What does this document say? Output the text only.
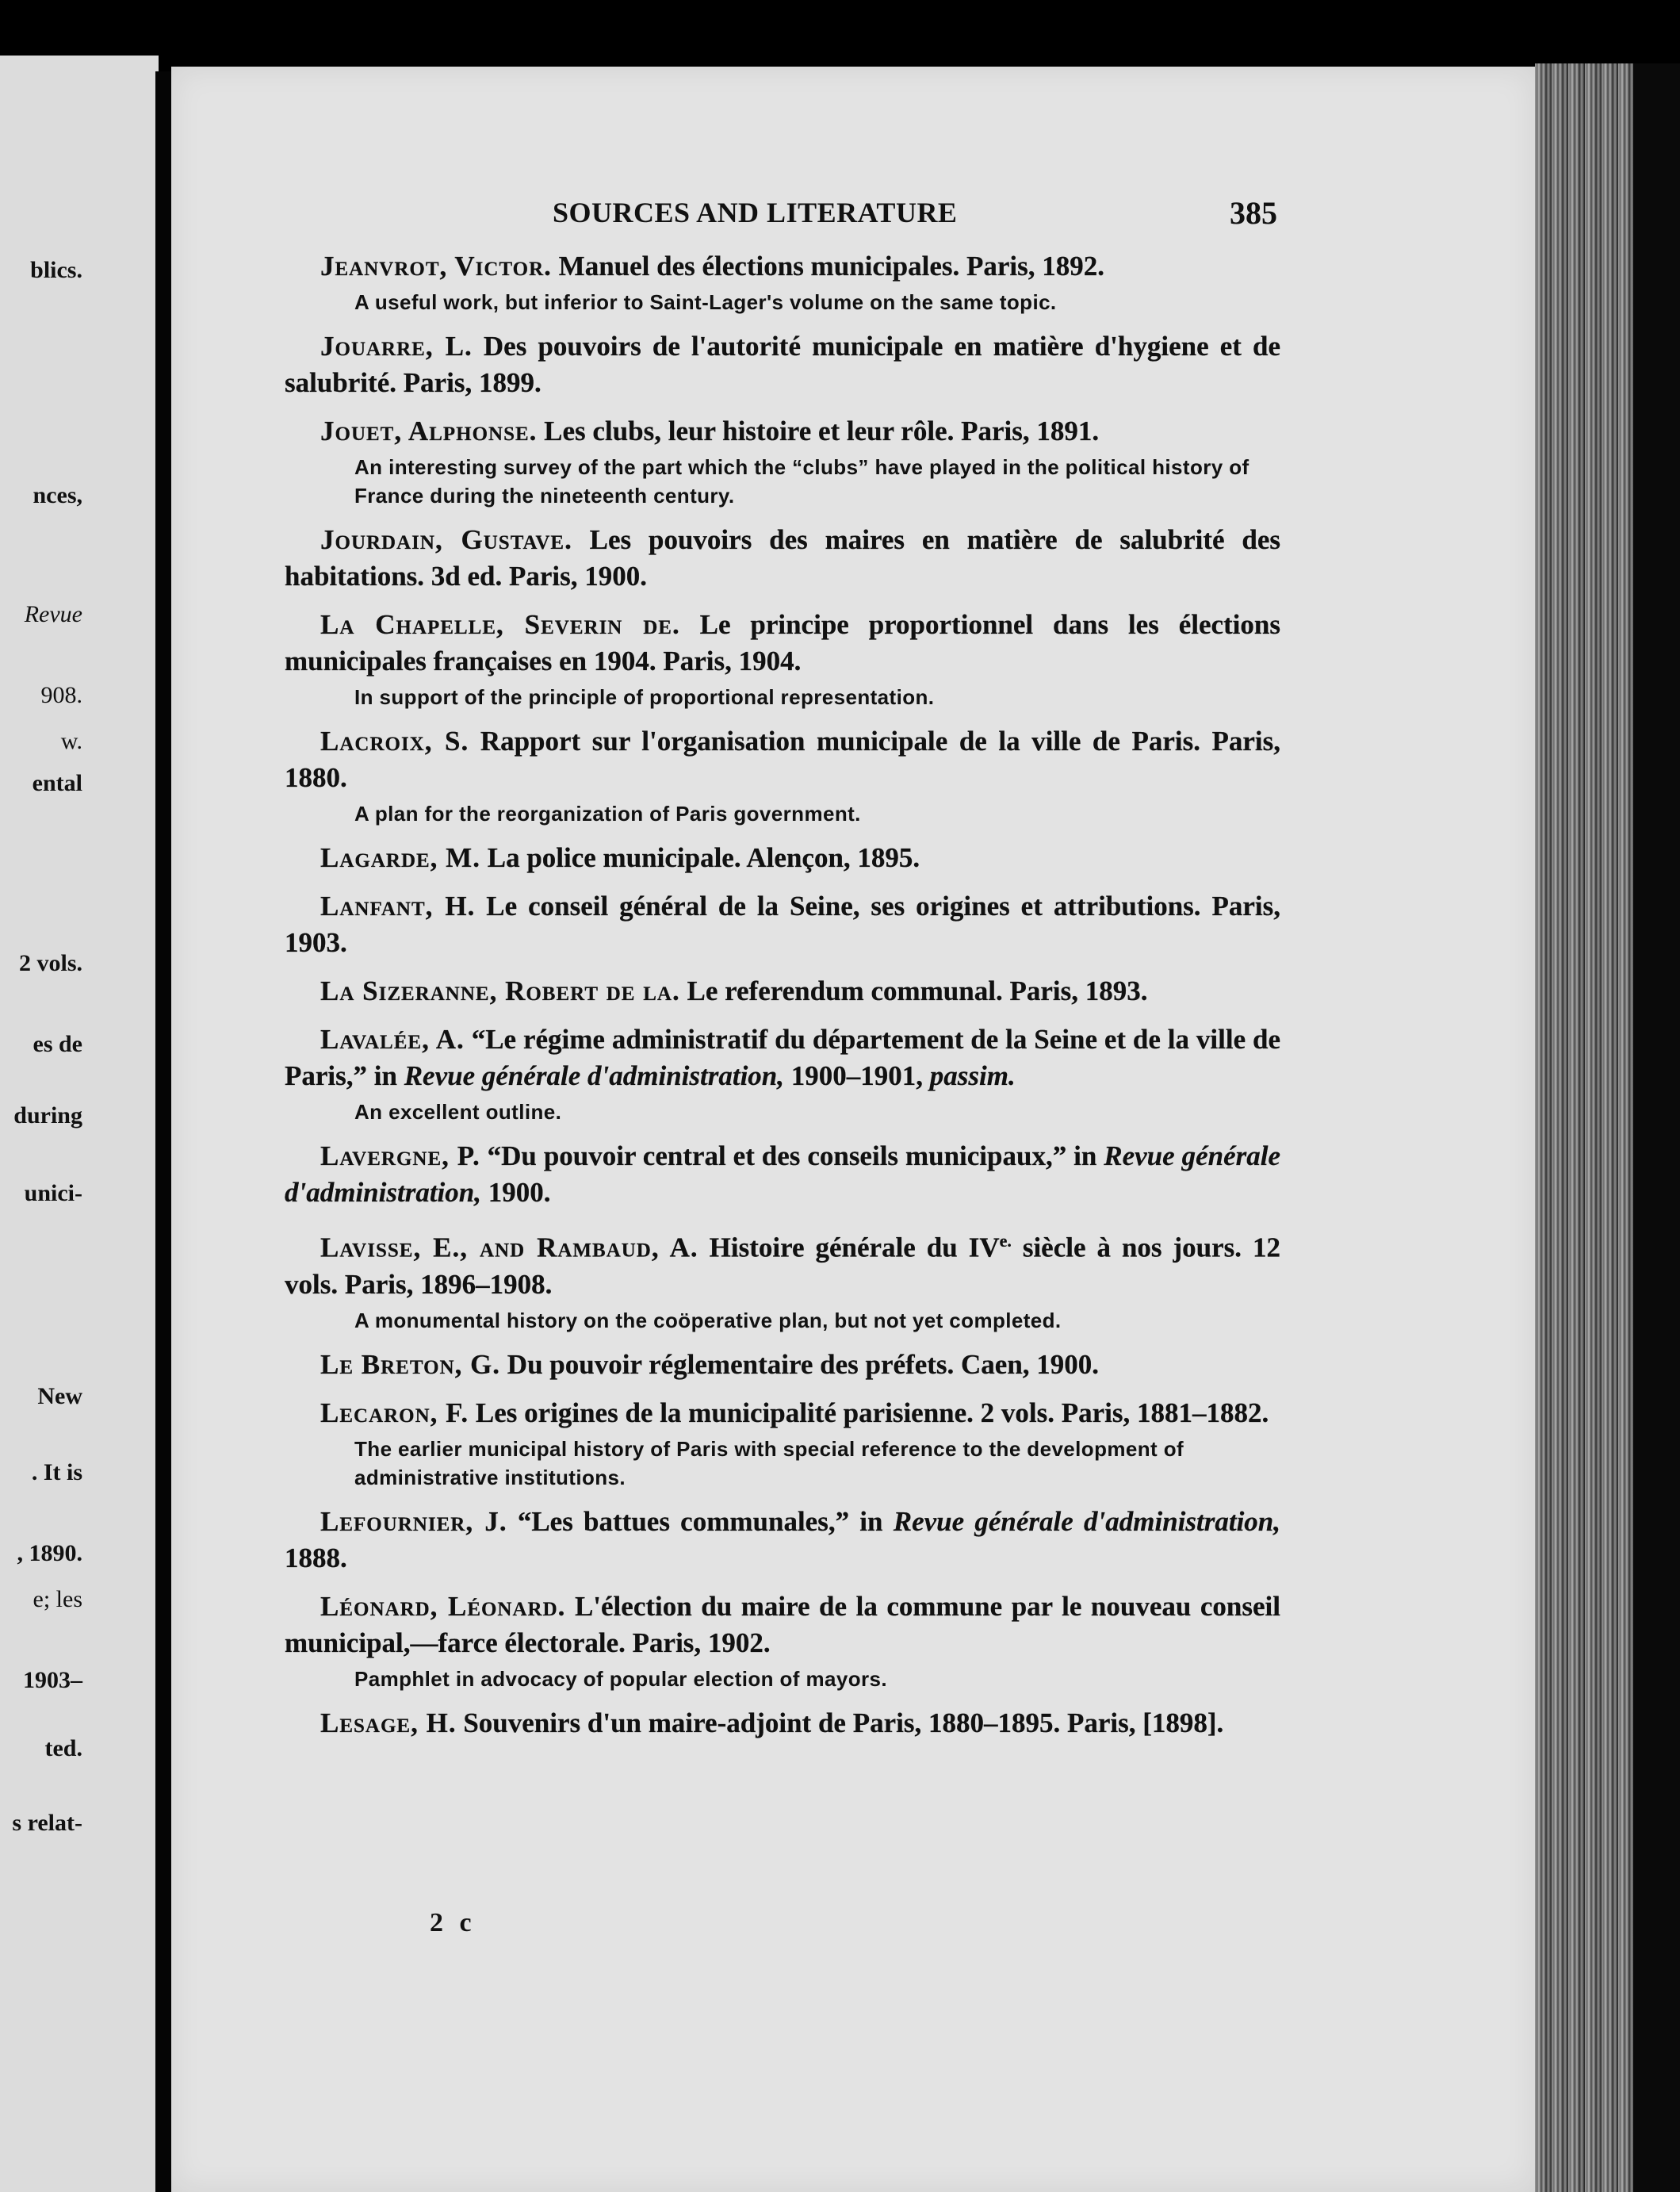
blics.
nces,
Revue
908.
w.
ental
2 vols.
es de
during
unici-
New
. It is
, 1890.
e; les
1903–
ted.
s relat-
SOURCES AND LITERATURE	385

Jeanvrot, Victor. Manuel des élections municipales. Paris, 1892.

A useful work, but inferior to Saint-Lager's volume on the same topic.

Jouarre, L. Des pouvoirs de l'autorité municipale en matière d'hygiene et de salubrité. Paris, 1899.

Jouet, Alphonse. Les clubs, leur histoire et leur rôle. Paris, 1891.

An interesting survey of the part which the “clubs” have played in the political history of France during the nineteenth century.

Jourdain, Gustave. Les pouvoirs des maires en matière de salubrité des habitations. 3d ed. Paris, 1900.

La Chapelle, Severin de. Le principe proportionnel dans les élections municipales françaises en 1904. Paris, 1904.

In support of the principle of proportional representation.

Lacroix, S. Rapport sur l'organisation municipale de la ville de Paris. Paris, 1880.

A plan for the reorganization of Paris government.

Lagarde, M. La police municipale. Alençon, 1895.

Lanfant, H. Le conseil général de la Seine, ses origines et attributions. Paris, 1903.

La Sizeranne, Robert de la. Le referendum communal. Paris, 1893.

Lavalée, A. “Le régime administratif du département de la Seine et de la ville de Paris,” in Revue générale d'administration, 1900–1901, passim.

An excellent outline.

Lavergne, P. “Du pouvoir central et des conseils municipaux,” in Revue générale d'administration, 1900.

Lavisse, E., and Rambaud, A. Histoire générale du $IV^{e.}$ siècle à nos jours. 12 vols. Paris, 1896–1908.

A monumental history on the coöperative plan, but not yet completed.

Le Breton, G. Du pouvoir réglementaire des préfets. Caen, 1900.

Lecaron, F. Les origines de la municipalité parisienne. 2 vols. Paris, 1881–1882.

The earlier municipal history of Paris with special reference to the development of administrative institutions.

Lefournier, J. “Les battues communales,” in Revue générale d'administration, 1888.

Léonard, Léonard. L'élection du maire de la commune par le nouveau conseil municipal,—farce électorale. Paris, 1902.

Pamphlet in advocacy of popular election of mayors.

Lesage, H. Souvenirs d'un maire-adjoint de Paris, 1880–1895. Paris, [1898].

2 c
